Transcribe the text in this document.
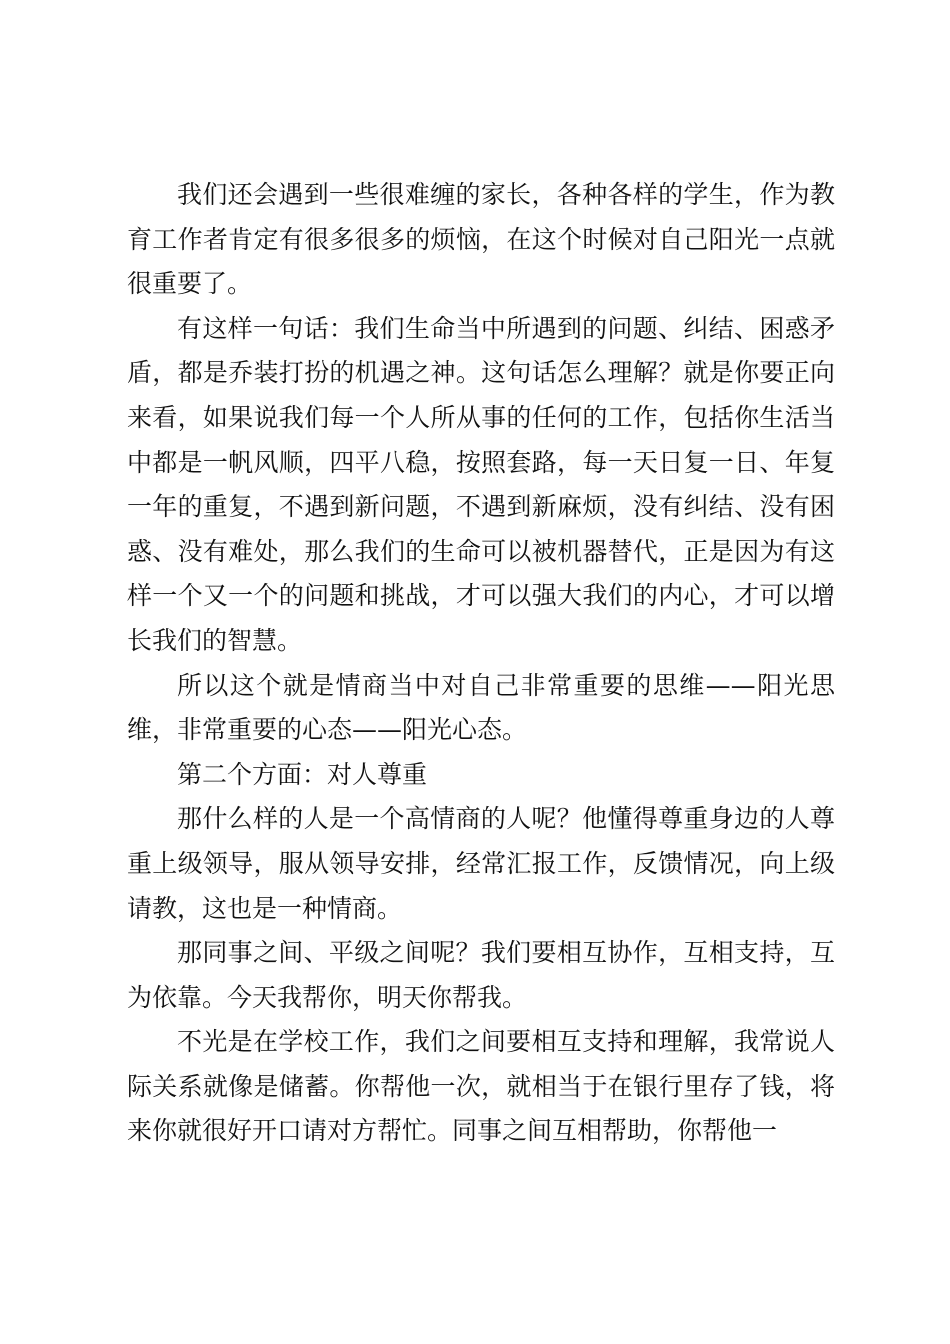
我们还会遇到一些很难缠的家长，各种各样的学生，作为教育工作者肯定有很多很多的烦恼，在这个时候对自己阳光一点就很重要了。

有这样一句话：我们生命当中所遇到的问题、纠结、困惑矛盾，都是乔装打扮的机遇之神。这句话怎么理解？就是你要正向来看，如果说我们每一个人所从事的任何的工作，包括你生活当中都是一帆风顺，四平八稳，按照套路，每一天日复一日、年复一年的重复，不遇到新问题，不遇到新麻烦，没有纠结、没有困惑、没有难处，那么我们的生命可以被机器替代，正是因为有这样一个又一个的问题和挑战，才可以强大我们的内心，才可以增长我们的智慧。

所以这个就是情商当中对自己非常重要的思维——阳光思维，非常重要的心态——阳光心态。

第二个方面：对人尊重

那什么样的人是一个高情商的人呢？他懂得尊重身边的人尊重上级领导，服从领导安排，经常汇报工作，反馈情况，向上级请教，这也是一种情商。

那同事之间、平级之间呢？我们要相互协作，互相支持，互为依靠。今天我帮你，明天你帮我。

不光是在学校工作，我们之间要相互支持和理解，我常说人际关系就像是储蓄。你帮他一次，就相当于在银行里存了钱，将来你就很好开口请对方帮忙。同事之间互相帮助，你帮他一
